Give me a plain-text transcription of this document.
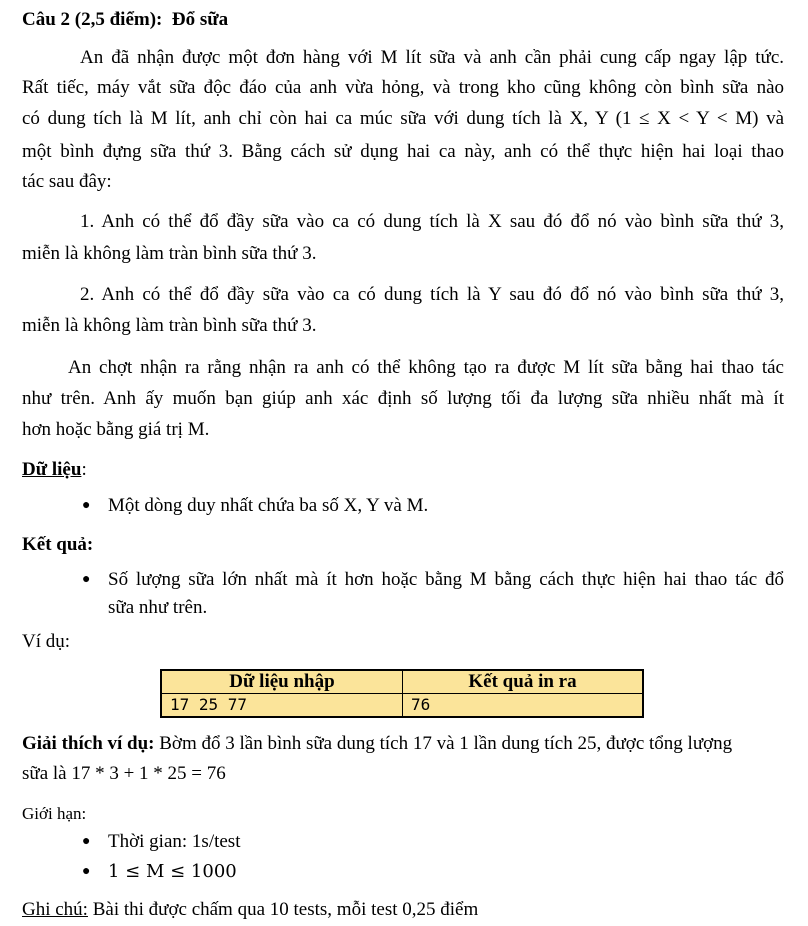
Câu 2 (2,5 điểm): Đổ sữa
An đã nhận được một đơn hàng với M lít sữa và anh cần phải cung cấp ngay lập tức.
Rất tiếc, máy vắt sữa độc đáo của anh vừa hỏng, và trong kho cũng không còn bình sữa nào
có dung tích là M lít, anh chỉ còn hai ca múc sữa với dung tích là X, Y (1 ≤ X < Y < M) và
một bình đựng sữa thứ 3. Bằng cách sử dụng hai ca này, anh có thể thực hiện hai loại thao
tác sau đây:
1. Anh có thể đổ đầy sữa vào ca có dung tích là X sau đó đổ nó vào bình sữa thứ 3,
miễn là không làm tràn bình sữa thứ 3.
2. Anh có thể đổ đầy sữa vào ca có dung tích là Y sau đó đổ nó vào bình sữa thứ 3,
miễn là không làm tràn bình sữa thứ 3.
An chợt nhận ra rằng nhận ra anh có thể không tạo ra được M lít sữa bằng hai thao tác
như trên. Anh ấy muốn bạn giúp anh xác định số lượng tối đa lượng sữa nhiều nhất mà ít
hơn hoặc bằng giá trị M.
Dữ liệu:
● Một dòng duy nhất chứa ba số X, Y và M.
Kết quả:
● Số lượng sữa lớn nhất mà ít hơn hoặc bằng M bằng cách thực hiện hai thao tác đổ
sữa như trên.
Ví dụ:
Dữ liệu nhập	Kết quả in ra
17 25 77	76
Giải thích ví dụ: Bờm đổ 3 lần bình sữa dung tích 17 và 1 lần dung tích 25, được tổng lượng
sữa là 17 * 3 + 1 * 25 = 76
Giới hạn:
● Thời gian: 1s/test
● 1 ≤ M ≤ 1000
Ghi chú: Bài thi được chấm qua 10 tests, mỗi test 0,25 điểm
